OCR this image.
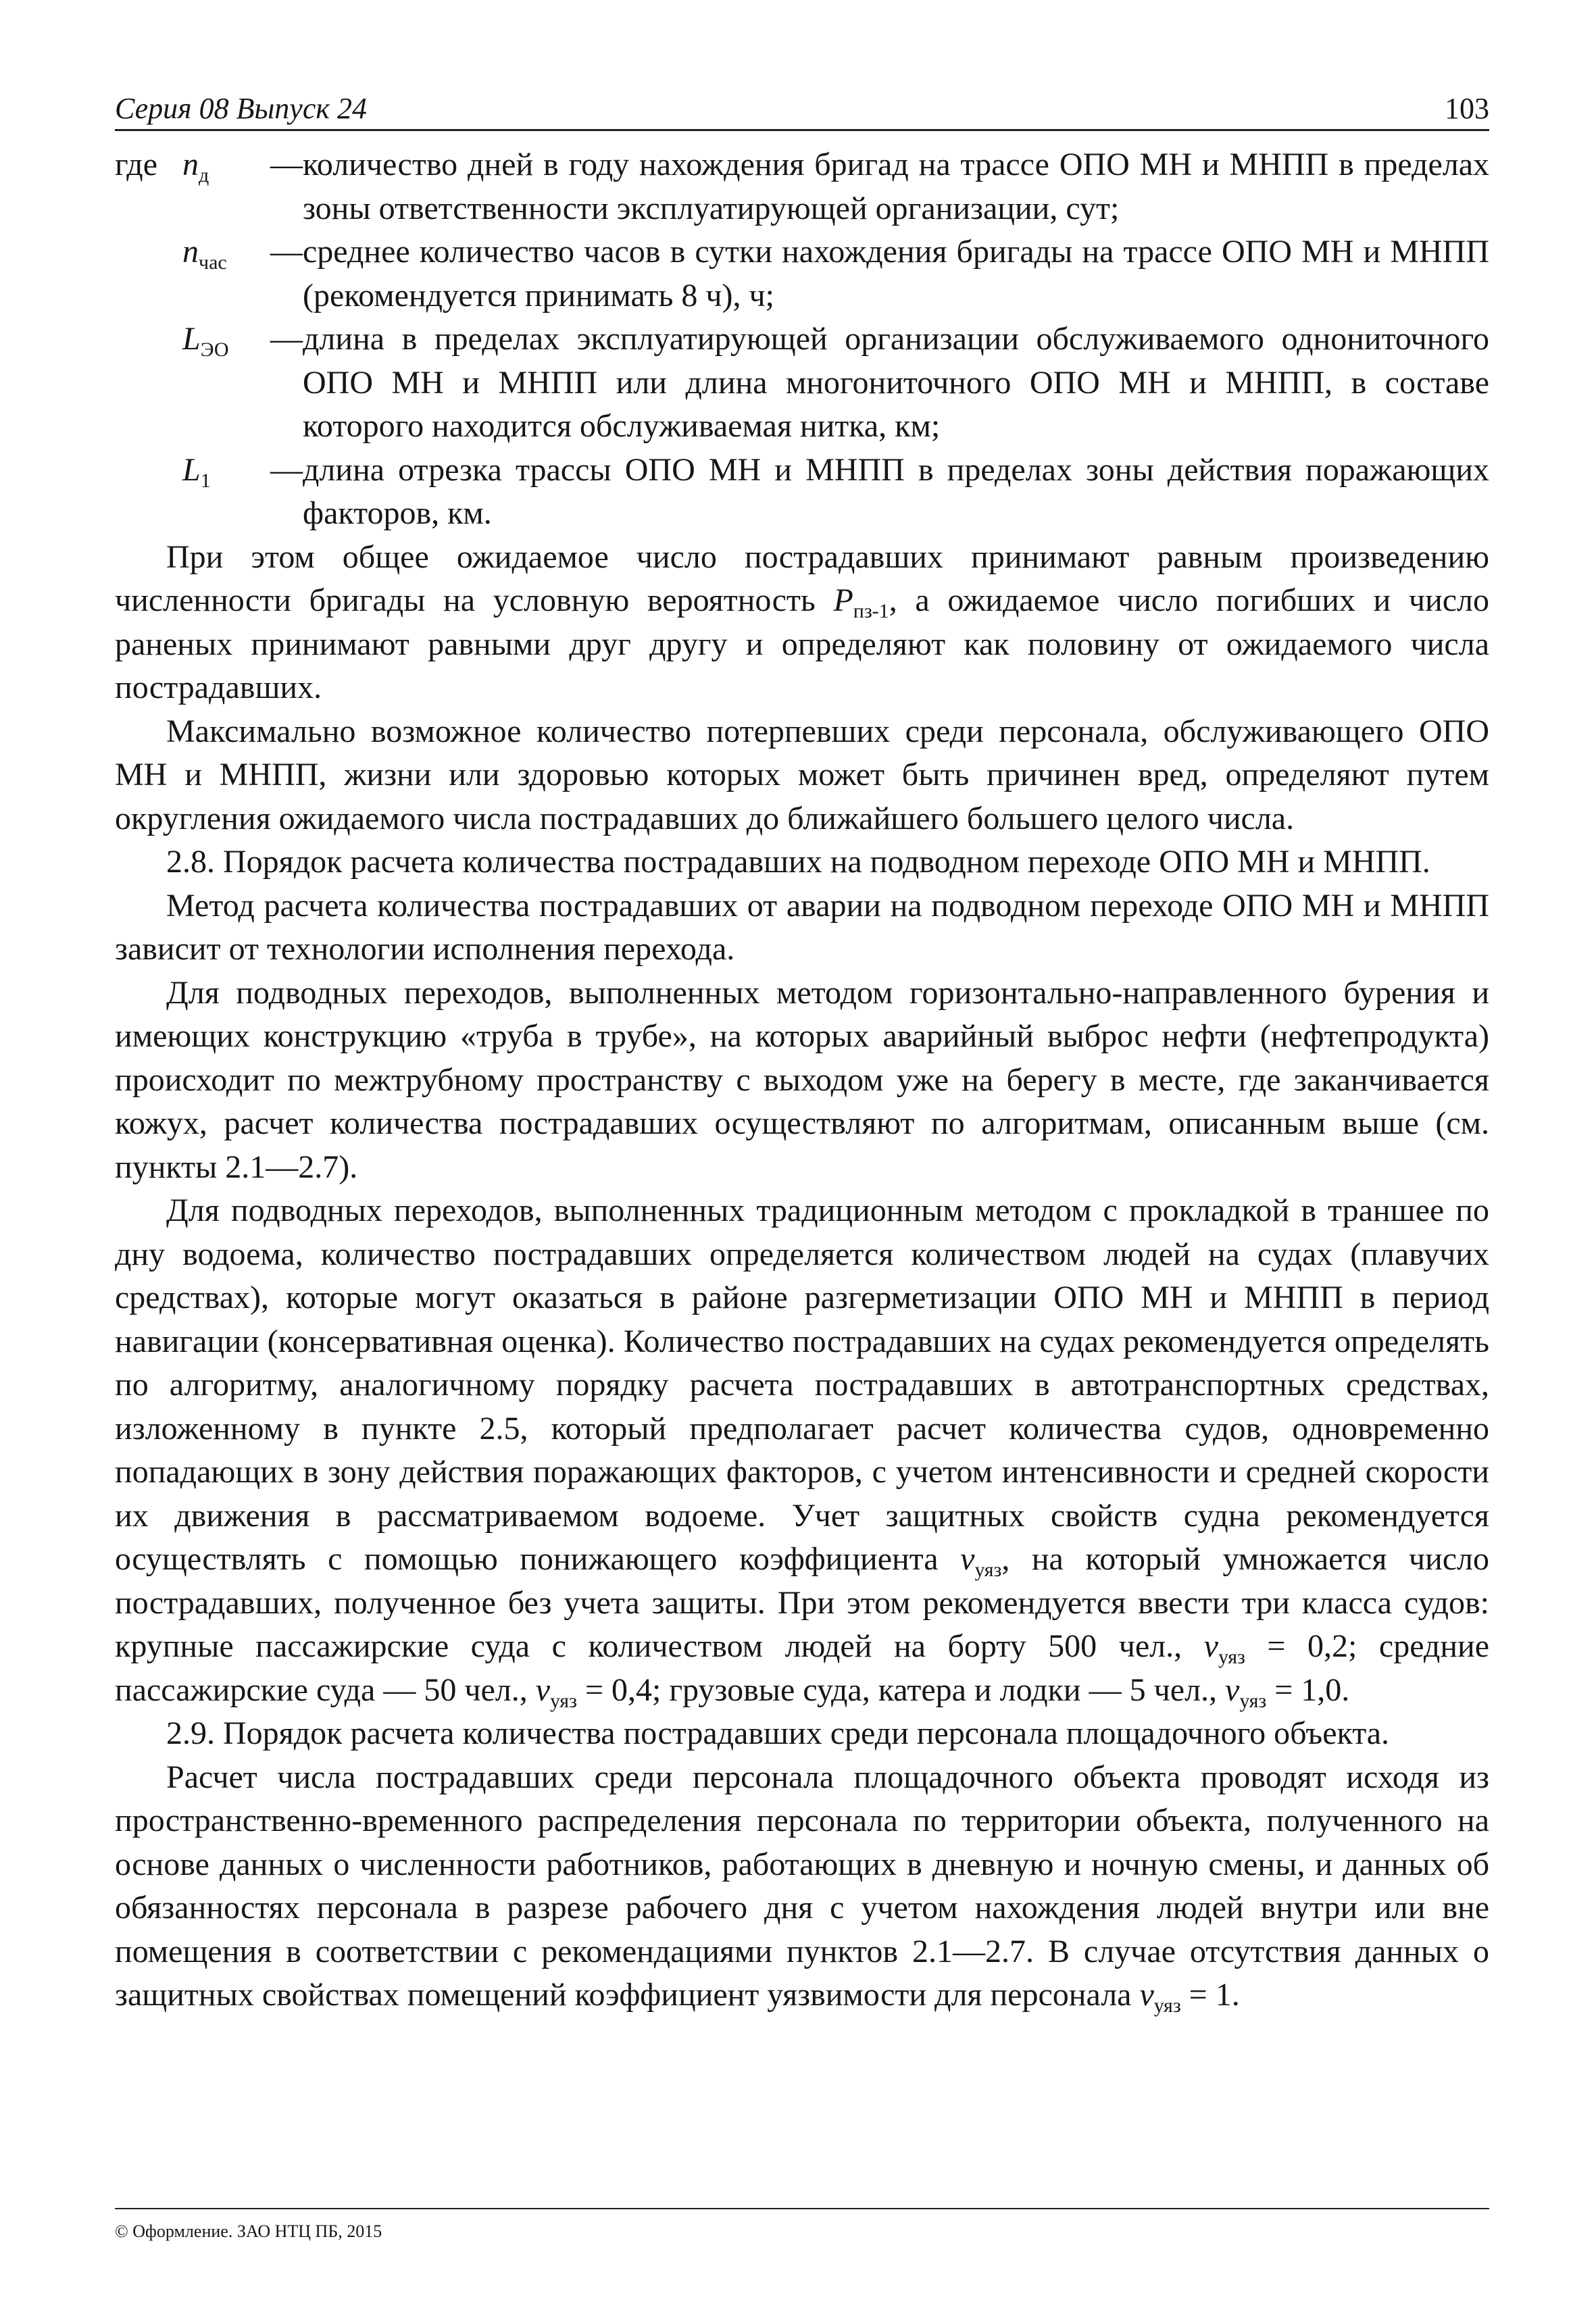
Серия 08 Выпуск 24	103
где	$n_д$	—	количество дней в году нахождения бригад на трассе ОПО МН и МНПП в пределах зоны ответственности эксплуатирующей организации, сут;
	$n_{час}$	—	среднее количество часов в сутки нахождения бригады на трассе ОПО МН и МНПП (рекомендуется принимать 8 ч), ч;
	$L_{ЭО}$	—	длина в пределах эксплуатирующей организации обслуживаемого однониточного ОПО МН и МНПП или длина многониточного ОПО МН и МНПП, в составе которого находится обслуживаемая нитка, км;
	$L_1$	—	длина отрезка трассы ОПО МН и МНПП в пределах зоны действия поражающих факторов, км.

При этом общее ожидаемое число пострадавших принимают равным произведению численности бригады на условную вероятность $P_{пз-1}$, а ожидаемое число погибших и число раненых принимают равными друг другу и определяют как половину от ожидаемого числа пострадавших.

Максимально возможное количество потерпевших среди персонала, обслуживающего ОПО МН и МНПП, жизни или здоровью которых может быть причинен вред, определяют путем округления ожидаемого числа пострадавших до ближайшего большего целого числа.

2.8. Порядок расчета количества пострадавших на подводном переходе ОПО МН и МНПП.

Метод расчета количества пострадавших от аварии на подводном переходе ОПО МН и МНПП зависит от технологии исполнения перехода.

Для подводных переходов, выполненных методом горизонтально-направленного бурения и имеющих конструкцию «труба в трубе», на которых аварийный выброс нефти (нефтепродукта) происходит по межтрубному пространству с выходом уже на берегу в месте, где заканчивается кожух, расчет количества пострадавших осуществляют по алгоритмам, описанным выше (см. пункты 2.1—2.7).

Для подводных переходов, выполненных традиционным методом с прокладкой в траншее по дну водоема, количество пострадавших определяется количеством людей на судах (плавучих средствах), которые могут оказаться в районе разгерметизации ОПО МН и МНПП в период навигации (консервативная оценка). Количество пострадавших на судах рекомендуется определять по алгоритму, аналогичному порядку расчета пострадавших в автотранспортных средствах, изложенному в пункте 2.5, который предполагает расчет количества судов, одновременно попадающих в зону действия поражающих факторов, с учетом интенсивности и средней скорости их движения в рассматриваемом водоеме. Учет защитных свойств судна рекомендуется осуществлять с помощью понижающего коэффициента $v_{уяз}$, на который умножается число пострадавших, полученное без учета защиты. При этом рекомендуется ввести три класса судов: крупные пассажирские суда с количеством людей на борту 500 чел., $v_{уяз} = 0,2$; средние пассажирские суда — 50 чел., $v_{уяз} = 0,4$; грузовые суда, катера и лодки — 5 чел., $v_{уяз} = 1,0$.

2.9. Порядок расчета количества пострадавших среди персонала площадочного объекта.

Расчет числа пострадавших среди персонала площадочного объекта проводят исходя из пространственно-временного распределения персонала по территории объекта, полученного на основе данных о численности работников, работающих в дневную и ночную смены, и данных об обязанностях персонала в разрезе рабочего дня с учетом нахождения людей внутри или вне помещения в соответствии с рекомендациями пунктов 2.1—2.7. В случае отсутствия данных о защитных свойствах помещений коэффициент уязвимости для персонала $v_{уяз} = 1$.

© Оформление. ЗАО НТЦ ПБ, 2015
